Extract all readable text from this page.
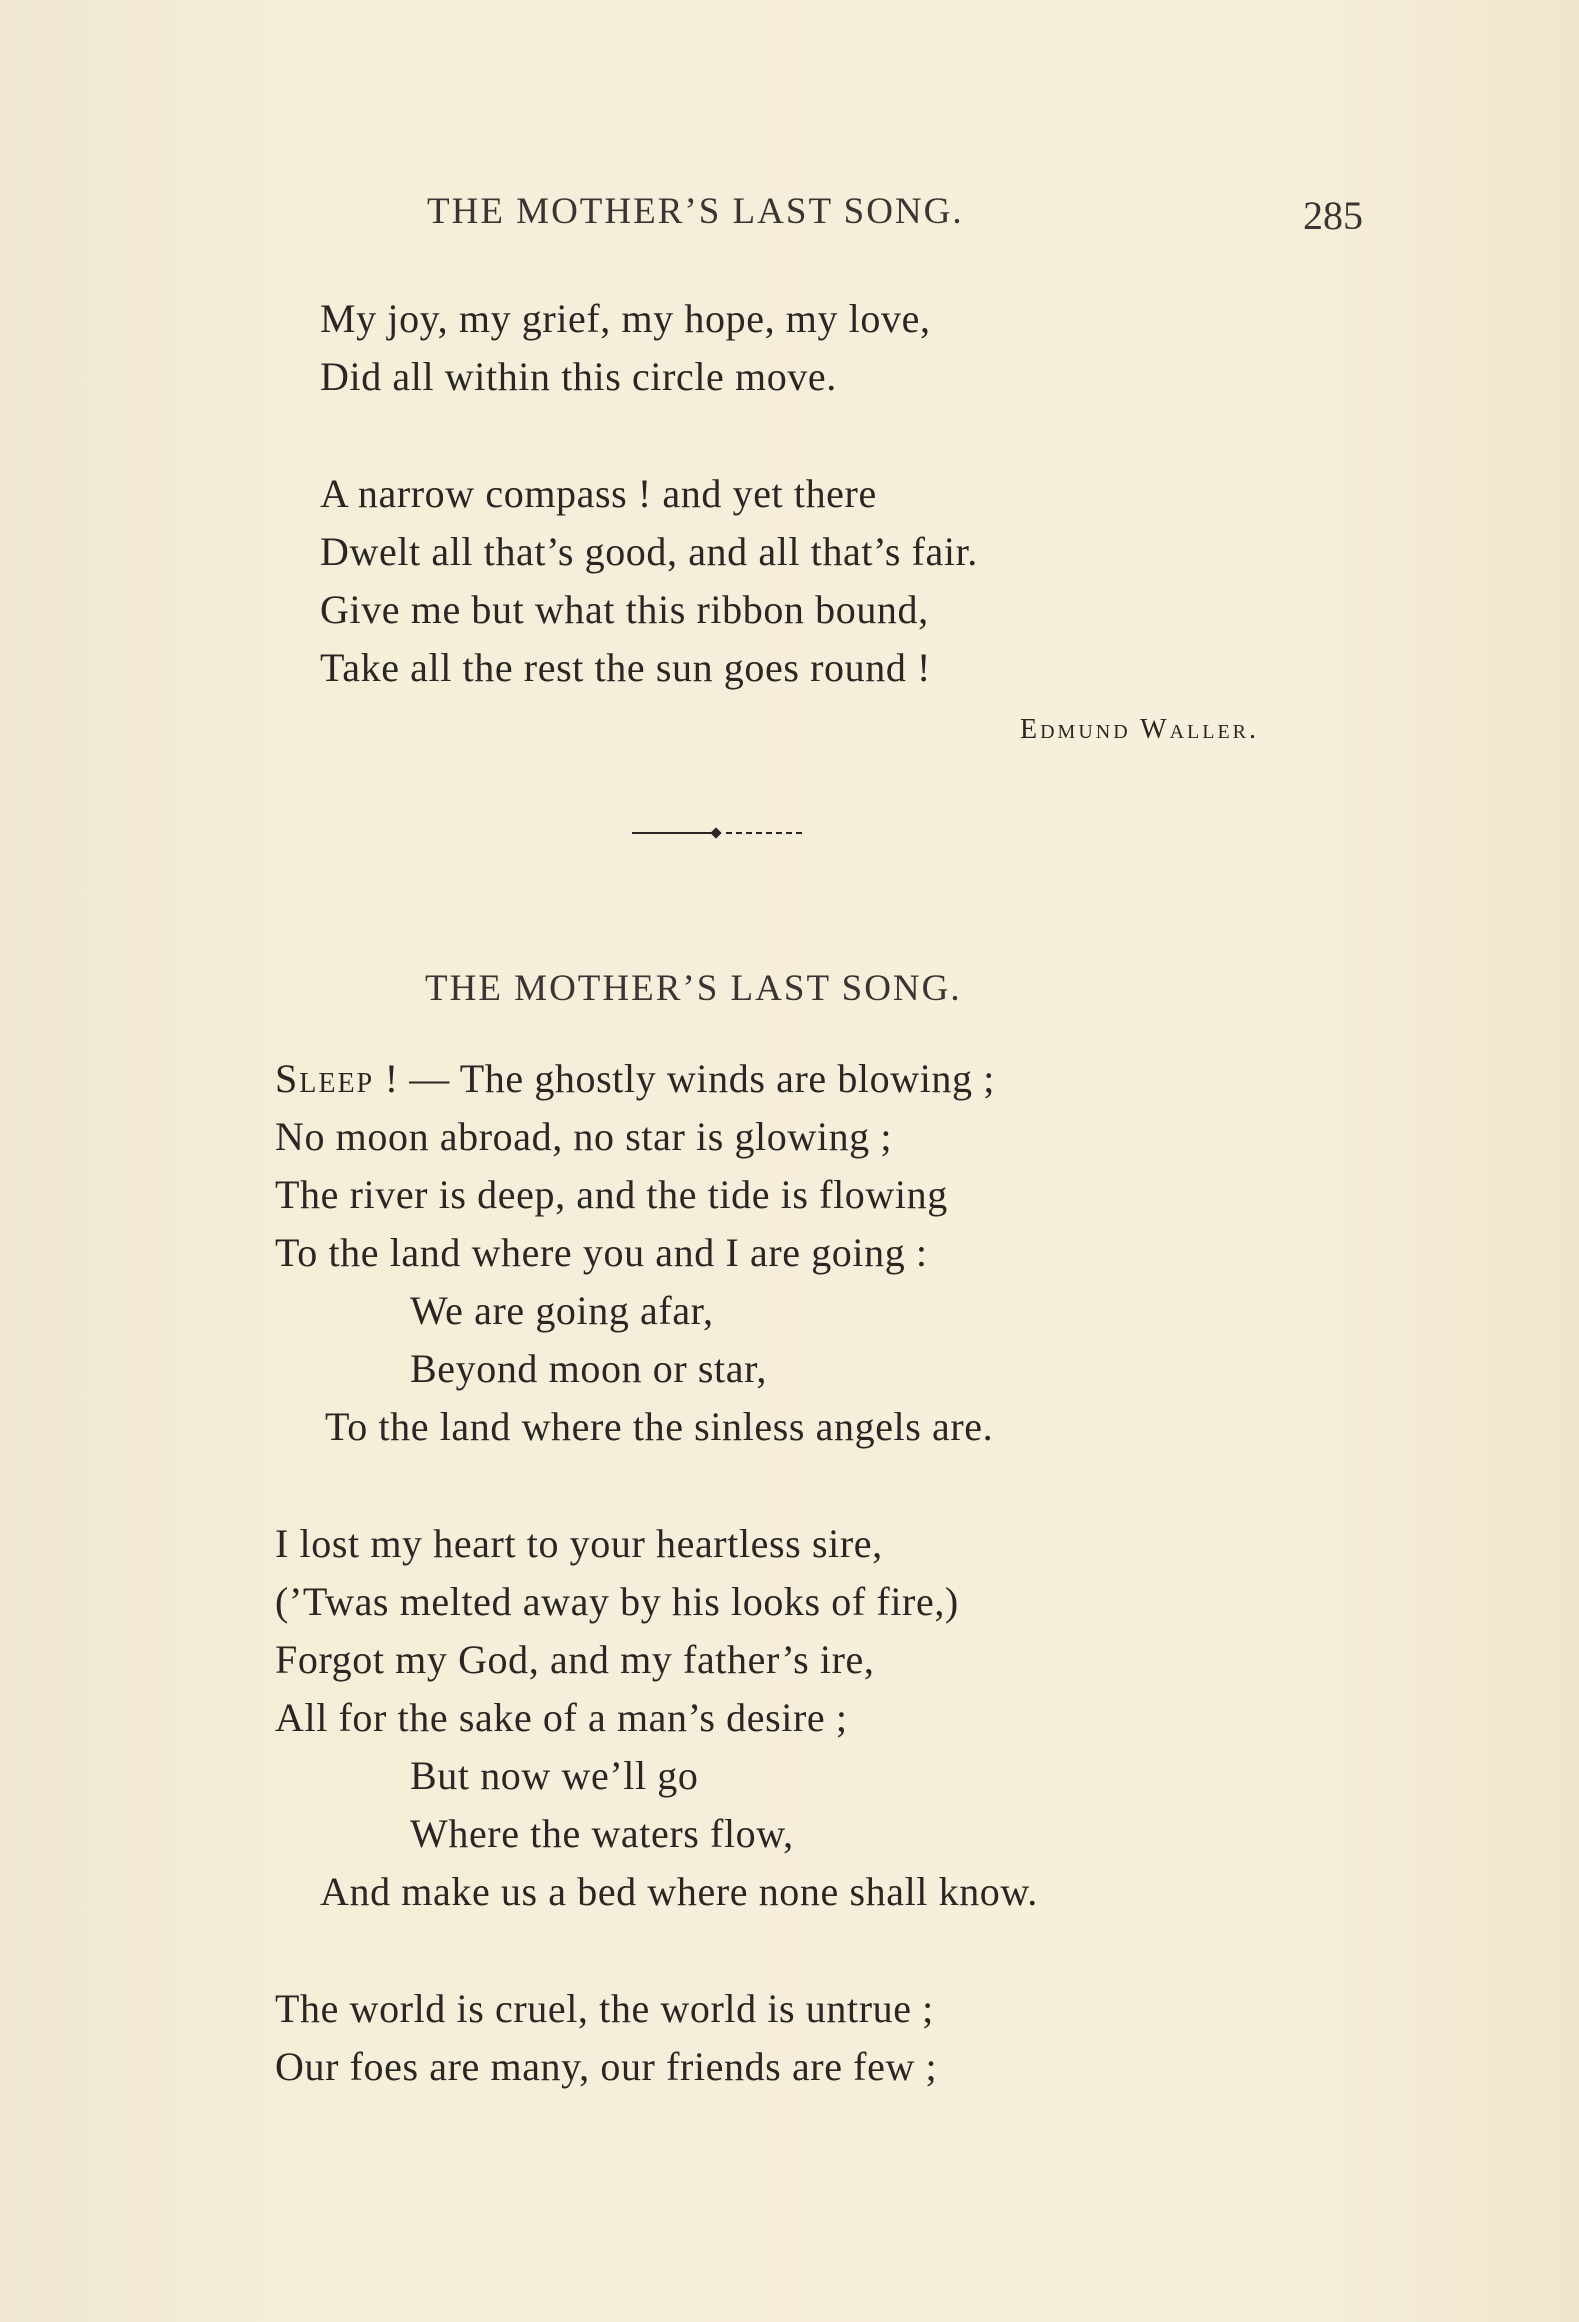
THE MOTHER’S LAST SONG.	285
My joy, my grief, my hope, my love,
Did all within this circle move.
A narrow compass ! and yet there
Dwelt all that’s good, and all that’s fair.
Give me but what this ribbon bound,
Take all the rest the sun goes round !
Edmund Waller.
THE MOTHER’S LAST SONG.
Sleep ! — The ghostly winds are blowing ;
No moon abroad, no star is glowing ;
The river is deep, and the tide is flowing
To the land where you and I are going :
We are going afar,
Beyond moon or star,
To the land where the sinless angels are.
I lost my heart to your heartless sire,
(’Twas melted away by his looks of fire,)
Forgot my God, and my father’s ire,
All for the sake of a man’s desire ;
But now we’ll go
Where the waters flow,
And make us a bed where none shall know.
The world is cruel, the world is untrue ;
Our foes are many, our friends are few ;
